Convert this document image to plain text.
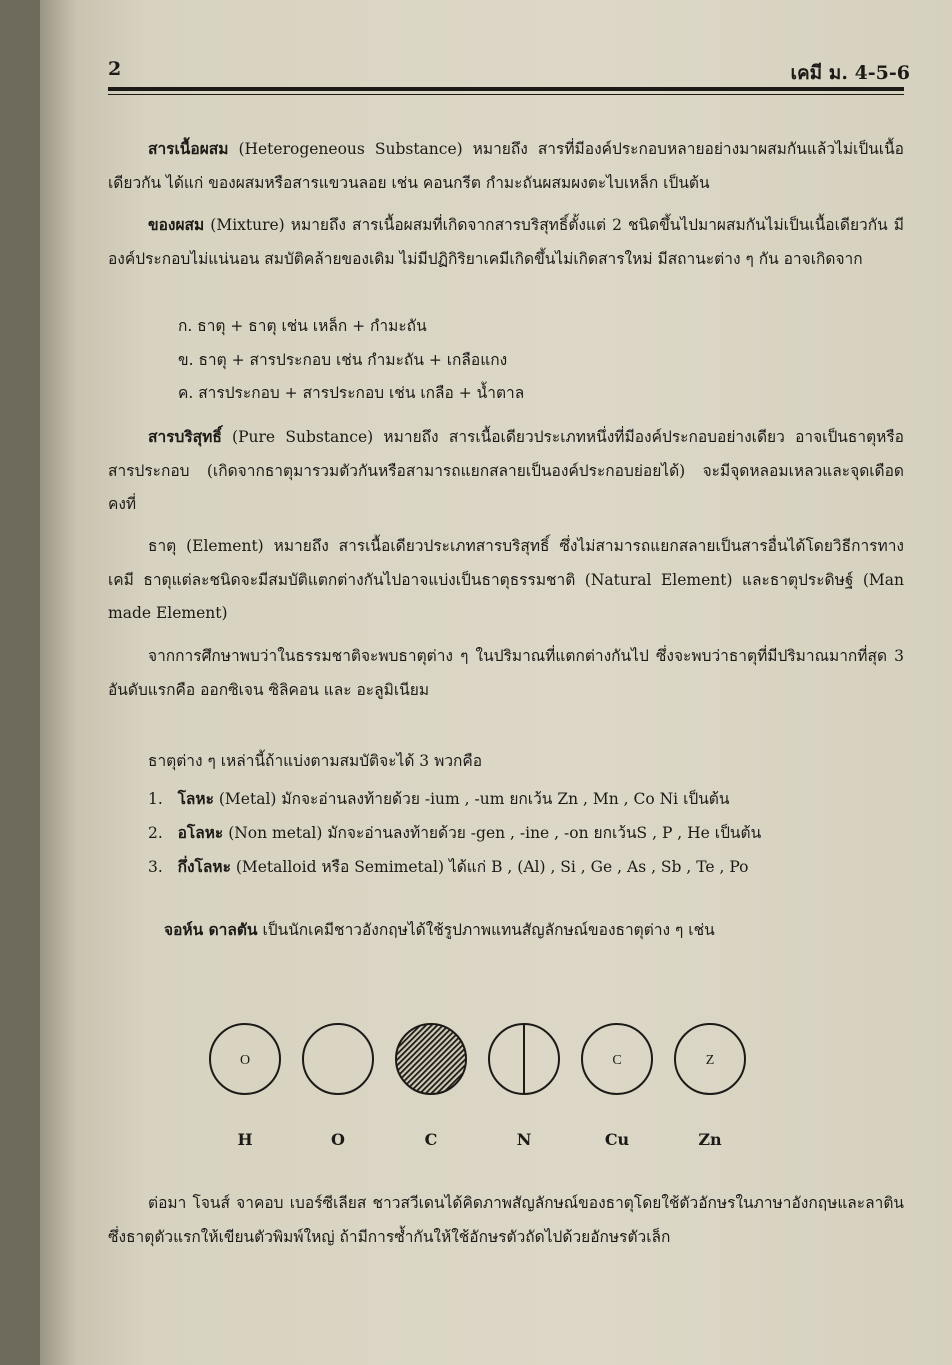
2	เคมี ม. 4-5-6
สารเนื้อผสม (Heterogeneous Substance) หมายถึง สารที่มีองค์ประกอบหลายอย่างมาผสมกันแล้วไม่เป็นเนื้อเดียวกัน ได้แก่ ของผสมหรือสารแขวนลอย เช่น คอนกรีต กำมะถันผสมผงตะไบเหล็ก เป็นต้น
ของผสม (Mixture) หมายถึง สารเนื้อผสมที่เกิดจากสารบริสุทธิ์ตั้งแต่ 2 ชนิดขึ้นไปมาผสมกันไม่เป็นเนื้อเดียวกัน มีองค์ประกอบไม่แน่นอน สมบัติคล้ายของเดิม ไม่มีปฏิกิริยาเคมีเกิดขึ้นไม่เกิดสารใหม่ มีสถานะต่าง ๆ กัน อาจเกิดจาก
ก. ธาตุ + ธาตุ เช่น เหล็ก + กำมะถัน
ข. ธาตุ + สารประกอบ เช่น กำมะถัน + เกลือแกง
ค. สารประกอบ + สารประกอบ เช่น เกลือ + น้ำตาล
สารบริสุทธิ์ (Pure Substance) หมายถึง สารเนื้อเดียวประเภทหนึ่งที่มีองค์ประกอบอย่างเดียว อาจเป็นธาตุหรือสารประกอบ (เกิดจากธาตุมารวมตัวกันหรือสามารถแยกสลายเป็นองค์ประกอบย่อยได้) จะมีจุดหลอมเหลวและจุดเดือดคงที่
ธาตุ (Element) หมายถึง สารเนื้อเดียวประเภทสารบริสุทธิ์ ซึ่งไม่สามารถแยกสลายเป็นสารอื่นได้โดยวิธีการทางเคมี ธาตุแต่ละชนิดจะมีสมบัติแตกต่างกันไปอาจแบ่งเป็นธาตุธรรมชาติ (Natural Element) และธาตุประดิษฐ์ (Man made Element)
จากการศึกษาพบว่าในธรรมชาติจะพบธาตุต่าง ๆ ในปริมาณที่แตกต่างกันไป ซึ่งจะพบว่าธาตุที่มีปริมาณมากที่สุด 3 อันดับแรกคือ ออกซิเจน ซิลิคอน และ อะลูมิเนียม
ธาตุต่าง ๆ เหล่านี้ถ้าแบ่งตามสมบัติจะได้ 3 พวกคือ
1. โลหะ (Metal) มักจะอ่านลงท้ายด้วย -ium , -um ยกเว้น Zn , Mn , Co Ni เป็นต้น
2. อโลหะ (Non metal) มักจะอ่านลงท้ายด้วย -gen , -ine , -on ยกเว้นS , P , He เป็นต้น
3. กึ่งโลหะ (Metalloid หรือ Semimetal) ได้แก่ B , (Al) , Si , Ge , As , Sb , Te , Po
จอห์น ดาลตัน เป็นนักเคมีชาวอังกฤษได้ใช้รูปภาพแทนสัญลักษณ์ของธาตุต่าง ๆ เช่น
O	C	Z
H	O	C	N	Cu	Zn
ต่อมา โจนส์ จาคอบ เบอร์ซีเลียส ชาวสวีเดนได้คิดภาพสัญลักษณ์ของธาตุโดยใช้ตัวอักษรในภาษาอังกฤษและลาติน ซึ่งธาตุตัวแรกให้เขียนตัวพิมพ์ใหญ่ ถ้ามีการซ้ำกันให้ใช้อักษรตัวถัดไปด้วยอักษรตัวเล็ก
